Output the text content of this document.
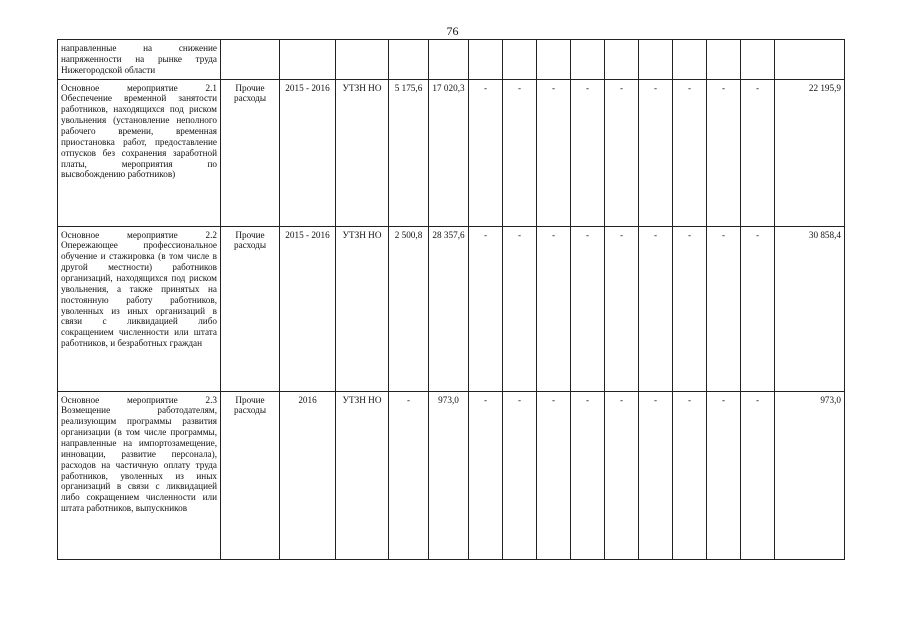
76
направленные на снижение напряженности на рынке труда Нижегородской области															
Основное мероприятие 2.1 Обеспечение временной занятости работников, находящихся под риском увольнения (установление неполного рабочего времени, временная приостановка работ, предоставление отпусков без сохранения заработной платы, мероприятия по высвобождению работников)	Прочие расходы	2015 - 2016	УТЗН НО	5 175,6	17 020,3	-	-	-	-	-	-	-	-	-	22 195,9
Основное мероприятие 2.2 Опережающее профессиональное обучение и стажировка (в том числе в другой местности) работников организаций, находящихся под риском увольнения, а также принятых на постоянную работу работников, уволенных из иных организаций в связи с ликвидацией либо сокращением численности или штата работников, и безработных граждан	Прочие расходы	2015 - 2016	УТЗН НО	2 500,8	28 357,6	-	-	-	-	-	-	-	-	-	30 858,4
Основное мероприятие 2.3 Возмещение работодателям, реализующим программы развития организации (в том числе программы, направленные на импортозамещение, инновации, развитие персонала), расходов на частичную оплату труда работников, уволенных из иных организаций в связи с ликвидацией либо сокращением численности или штата работников, выпускников	Прочие расходы	2016	УТЗН НО	-	973,0	-	-	-	-	-	-	-	-	-	973,0
